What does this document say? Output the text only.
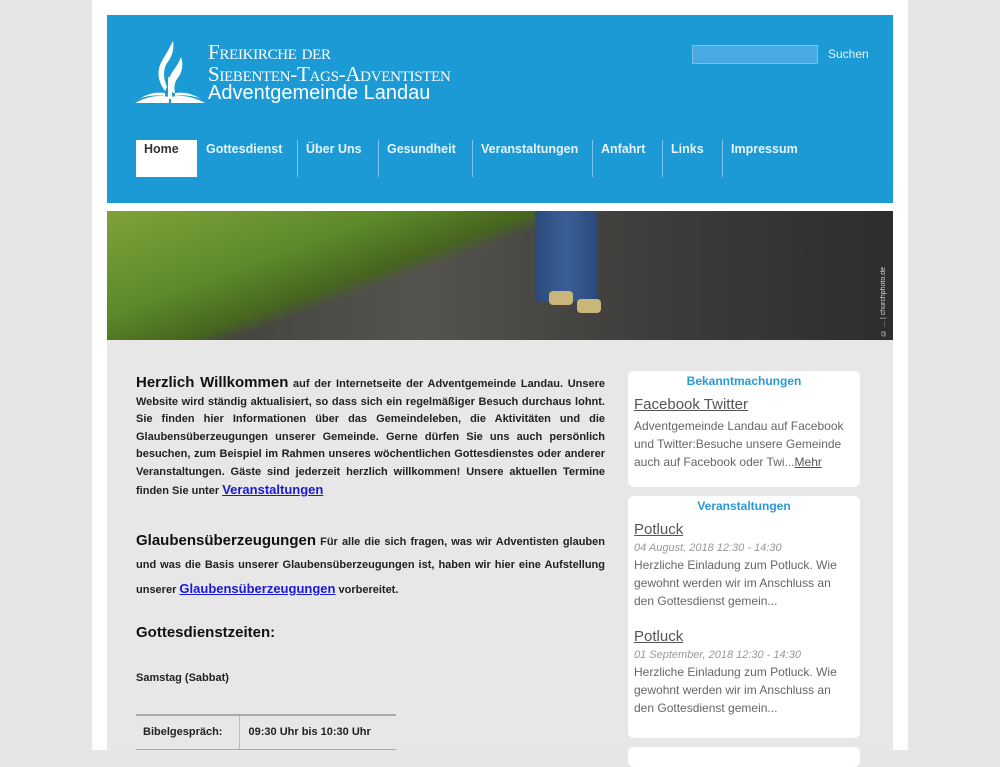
Freikirche der
Siebenten-Tags-Adventisten
Adventgemeinde Landau
Suchen
Home	Gottesdienst Über Uns Gesundheit Veranstaltungen Anfahrt Links Impressum
© ... | churchphoto.de
Herzlich Willkommen auf der Internetseite der Adventgemeinde Landau. Unsere Website wird ständig aktualisiert, so dass sich ein regelmäßiger Besuch durchaus lohnt. Sie finden hier Informationen über das Gemeindeleben, die Aktivitäten und die Glaubensüberzeugungen unserer Gemeinde. Gerne dürfen Sie uns auch persönlich besuchen, zum Beispiel im Rahmen unseres wöchentlichen Gottesdienstes oder anderer Veranstaltungen. Gäste sind jederzeit herzlich willkommen! Unsere aktuellen Termine finden Sie unter Veranstaltungen
Glaubensüberzeugungen Für alle die sich fragen, was wir Adventisten glauben und was die Basis unserer Glaubensüberzeugungen ist, haben wir hier eine Aufstellung unserer Glaubensüberzeugungen vorbereitet.
Gottesdienstzeiten:
Samstag (Sabbat)
Bibelgespräch:	09:30 Uhr bis 10:30 Uhr
Bekanntmachungen
Facebook Twitter

Adventgemeinde Landau auf Facebook und Twitter:Besuche unsere Gemeinde auch auf Facebook oder Twi...Mehr

Veranstaltungen
Potluck
04 August, 2018 12:30 - 14:30

Herzliche Einladung zum Potluck. Wie gewohnt werden wir im Anschluss an den Gottesdienst gemein...

Potluck
01 September, 2018 12:30 - 14:30

Herzliche Einladung zum Potluck. Wie gewohnt werden wir im Anschluss an den Gottesdienst gemein...
